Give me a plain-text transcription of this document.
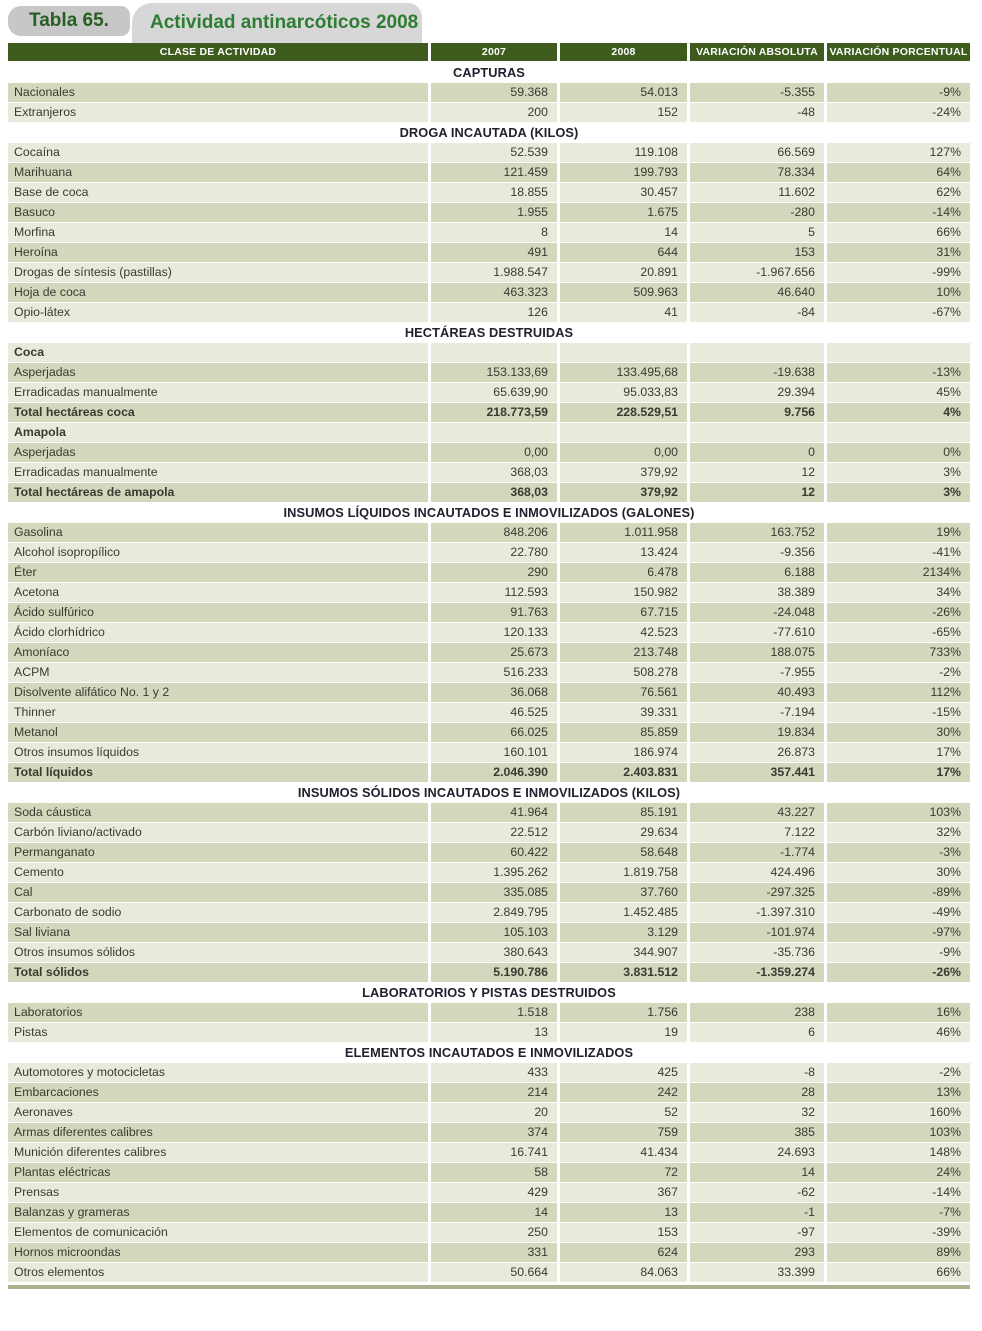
Tabla 65. Actividad antinarcóticos 2008
CLASE DE ACTIVIDAD	2007	2008	VARIACIÓN ABSOLUTA	VARIACIÓN PORCENTUAL
CAPTURAS				
Nacionales	59.368	54.013	-5.355	-9%
Extranjeros	200	152	-48	-24%
DROGA INCAUTADA (KILOS)				
Cocaína	52.539	119.108	66.569	127%
Marihuana	121.459	199.793	78.334	64%
Base de coca	18.855	30.457	11.602	62%
Basuco	1.955	1.675	-280	-14%
Morfina	8	14	5	66%
Heroína	491	644	153	31%
Drogas de síntesis (pastillas)	1.988.547	20.891	-1.967.656	-99%
Hoja de coca	463.323	509.963	46.640	10%
Opio-látex	126	41	-84	-67%
HECTÁREAS DESTRUIDAS				
Coca				
Asperjadas	153.133,69	133.495,68	-19.638	-13%
Erradicadas manualmente	65.639,90	95.033,83	29.394	45%
Total hectáreas coca	218.773,59	228.529,51	9.756	4%
Amapola				
Asperjadas	0,00	0,00	0	0%
Erradicadas manualmente	368,03	379,92	12	3%
Total hectáreas de amapola	368,03	379,92	12	3%
INSUMOS LÍQUIDOS INCAUTADOS E INMOVILIZADOS (GALONES)				
Gasolina	848.206	1.011.958	163.752	19%
Alcohol isopropílico	22.780	13.424	-9.356	-41%
Éter	290	6.478	6.188	2134%
Acetona	112.593	150.982	38.389	34%
Ácido sulfúrico	91.763	67.715	-24.048	-26%
Ácido clorhídrico	120.133	42.523	-77.610	-65%
Amoníaco	25.673	213.748	188.075	733%
ACPM	516.233	508.278	-7.955	-2%
Disolvente alifático No. 1 y 2	36.068	76.561	40.493	112%
Thinner	46.525	39.331	-7.194	-15%
Metanol	66.025	85.859	19.834	30%
Otros insumos líquidos	160.101	186.974	26.873	17%
Total líquidos	2.046.390	2.403.831	357.441	17%
INSUMOS SÓLIDOS INCAUTADOS E INMOVILIZADOS (KILOS)				
Soda cáustica	41.964	85.191	43.227	103%
Carbón liviano/activado	22.512	29.634	7.122	32%
Permanganato	60.422	58.648	-1.774	-3%
Cemento	1.395.262	1.819.758	424.496	30%
Cal	335.085	37.760	-297.325	-89%
Carbonato de sodio	2.849.795	1.452.485	-1.397.310	-49%
Sal liviana	105.103	3.129	-101.974	-97%
Otros insumos sólidos	380.643	344.907	-35.736	-9%
Total sólidos	5.190.786	3.831.512	-1.359.274	-26%
LABORATORIOS Y PISTAS DESTRUIDOS				
Laboratorios	1.518	1.756	238	16%
Pistas	13	19	6	46%
ELEMENTOS INCAUTADOS E INMOVILIZADOS				
Automotores y motocicletas	433	425	-8	-2%
Embarcaciones	214	242	28	13%
Aeronaves	20	52	32	160%
Armas diferentes calibres	374	759	385	103%
Munición diferentes calibres	16.741	41.434	24.693	148%
Plantas eléctricas	58	72	14	24%
Prensas	429	367	-62	-14%
Balanzas y grameras	14	13	-1	-7%
Elementos de comunicación	250	153	-97	-39%
Hornos microondas	331	624	293	89%
Otros elementos	50.664	84.063	33.399	66%
